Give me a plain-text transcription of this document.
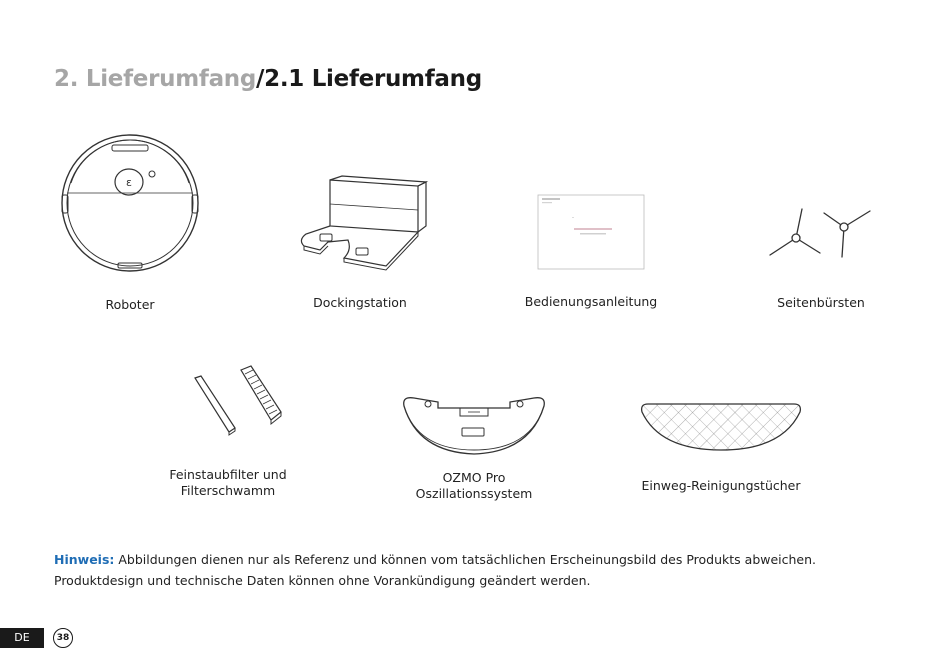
2. Lieferumfang/2.1 Lieferumfang
ε
Roboter	Dockingstation	Bedienungsanleitung	Seitenbürsten
Feinstaubfilter und
Filterschwamm
OZMO Pro
Oszillationssystem
Einweg-Reinigungstücher

Hinweis: Abbildungen dienen nur als Referenz und können vom tatsächlichen Erscheinungsbild des Produkts abweichen.
Produktdesign und technische Daten können ohne Vorankündigung geändert werden.

DE	38
